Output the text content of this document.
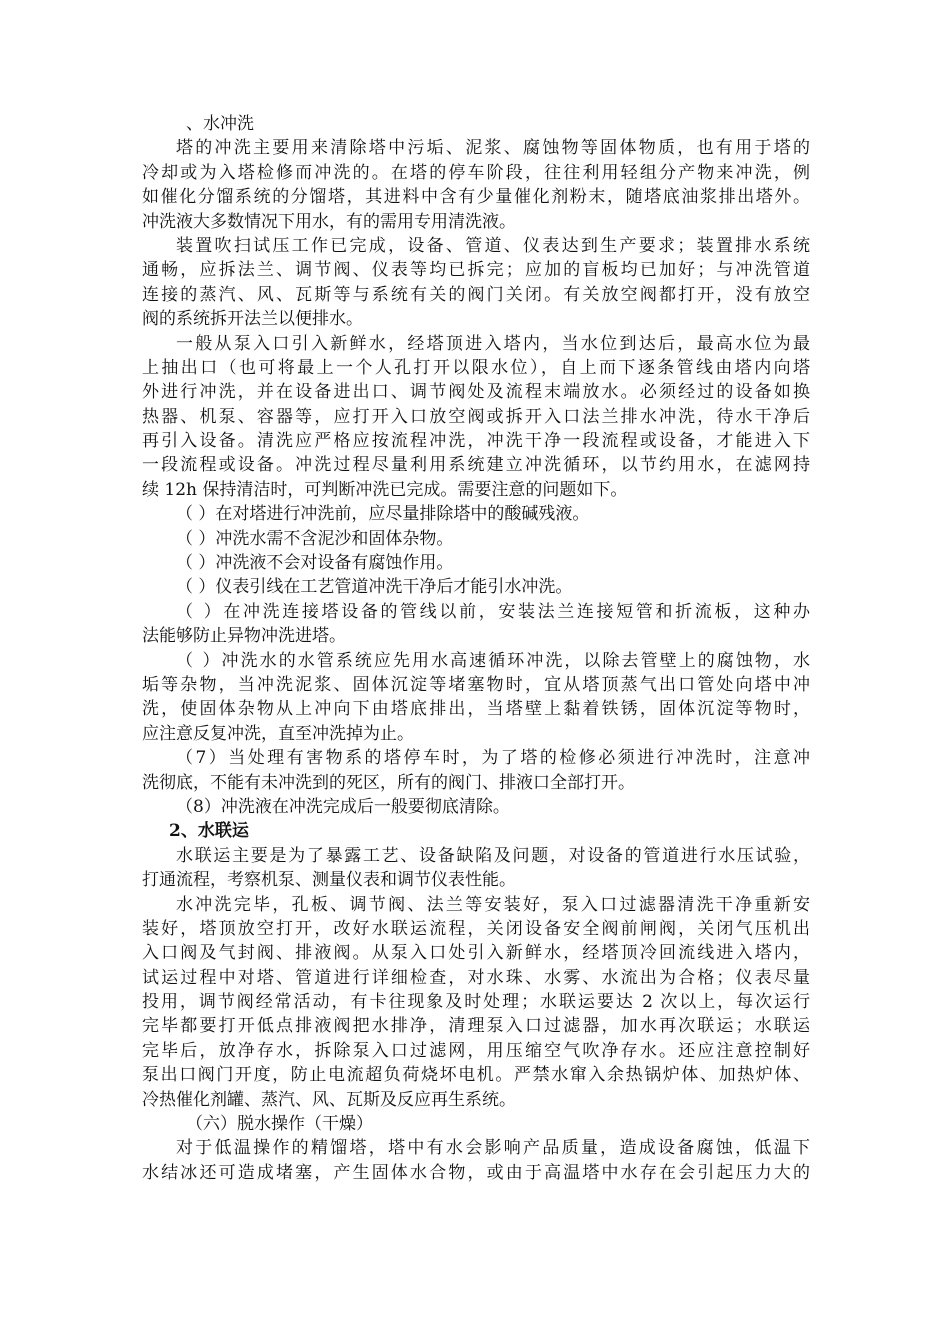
、水冲洗
塔的冲洗主要用来清除塔中污垢、泥浆、腐蚀物等固体物质，也有用于塔的
冷却或为入塔检修而冲洗的。在塔的停车阶段，往往利用轻组分产物来冲洗，例
如催化分馏系统的分馏塔，其进料中含有少量催化剂粉末，随塔底油浆排出塔外。
冲洗液大多数情况下用水，有的需用专用清洗液。
装置吹扫试压工作已完成，设备、管道、仪表达到生产要求；装置排水系统
通畅，应拆法兰、调节阀、仪表等均已拆完；应加的盲板均已加好；与冲洗管道
连接的蒸汽、风、瓦斯等与系统有关的阀门关闭。有关放空阀都打开，没有放空
阀的系统拆开法兰以便排水。
一般从泵入口引入新鲜水，经塔顶进入塔内，当水位到达后，最高水位为最
上抽出口（也可将最上一个人孔打开以限水位），自上而下逐条管线由塔内向塔
外进行冲洗，并在设备进出口、调节阀处及流程末端放水。必须经过的设备如换
热器、机泵、容器等，应打开入口放空阀或拆开入口法兰排水冲洗，待水干净后
再引入设备。清洗应严格应按流程冲洗，冲洗干净一段流程或设备，才能进入下
一段流程或设备。冲洗过程尽量利用系统建立冲洗循环，以节约用水，在滤网持
续 12h 保持清洁时，可判断冲洗已完成。需要注意的问题如下。
（ ）在对塔进行冲洗前，应尽量排除塔中的酸碱残液。
（ ）冲洗水需不含泥沙和固体杂物。
（ ）冲洗液不会对设备有腐蚀作用。
（ ）仪表引线在工艺管道冲洗干净后才能引水冲洗。
（ ）在冲洗连接塔设备的管线以前，安装法兰连接短管和折流板，这种办
法能够防止异物冲洗进塔。
（ ）冲洗水的水管系统应先用水高速循环冲洗，以除去管壁上的腐蚀物，水
垢等杂物，当冲洗泥浆、固体沉淀等堵塞物时，宜从塔顶蒸气出口管处向塔中冲
洗，使固体杂物从上冲向下由塔底排出，当塔壁上黏着铁锈，固体沉淀等物时，
应注意反复冲洗，直至冲洗掉为止。
（7）当处理有害物系的塔停车时，为了塔的检修必须进行冲洗时，注意冲
洗彻底，不能有未冲洗到的死区，所有的阀门、排液口全部打开。
（8）冲洗液在冲洗完成后一般要彻底清除。
2、水联运
水联运主要是为了暴露工艺、设备缺陷及问题，对设备的管道进行水压试验，
打通流程，考察机泵、测量仪表和调节仪表性能。
水冲洗完毕，孔板、调节阀、法兰等安装好，泵入口过滤器清洗干净重新安
装好，塔顶放空打开，改好水联运流程，关闭设备安全阀前闸阀，关闭气压机出
入口阀及气封阀、排液阀。从泵入口处引入新鲜水，经塔顶冷回流线进入塔内，
试运过程中对塔、管道进行详细检查，对水珠、水雾、水流出为合格；仪表尽量
投用，调节阀经常活动，有卡往现象及时处理；水联运要达 2 次以上，每次运行
完毕都要打开低点排液阀把水排净，清理泵入口过滤器，加水再次联运；水联运
完毕后，放净存水，拆除泵入口过滤网，用压缩空气吹净存水。还应注意控制好
泵出口阀门开度，防止电流超负荷烧坏电机。严禁水窜入余热锅炉体、加热炉体、
冷热催化剂罐、蒸汽、风、瓦斯及反应再生系统。
（六）脱水操作（干燥）
对于低温操作的精馏塔，塔中有水会影响产品质量，造成设备腐蚀，低温下
水结冰还可造成堵塞，产生固体水合物，或由于高温塔中水存在会引起压力大的
